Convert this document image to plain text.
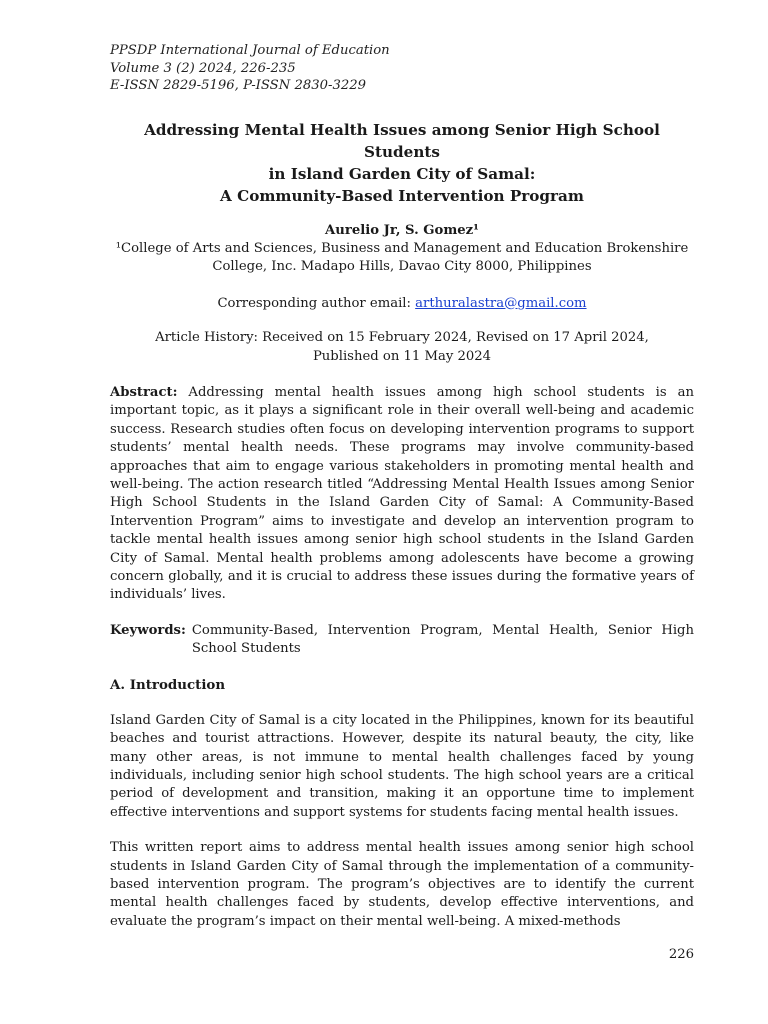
PPSDP International Journal of Education
Volume 3 (2) 2024, 226-235
E-ISSN 2829-5196, P-ISSN 2830-3229
Addressing Mental Health Issues among Senior High School Students
in Island Garden City of Samal:
A Community-Based Intervention Program
Aurelio Jr, S. Gomez¹
¹College of Arts and Sciences, Business and Management and Education Brokenshire College, Inc. Madapo Hills, Davao City 8000, Philippines
Corresponding author email: arthuralastra@gmail.com
Article History: Received on 15 February 2024, Revised on 17 April 2024,
Published on 11 May 2024
Abstract: Addressing mental health issues among high school students is an important topic, as it plays a significant role in their overall well-being and academic success. Research studies often focus on developing intervention programs to support students’ mental health needs. These programs may involve community-based approaches that aim to engage various stakeholders in promoting mental health and well-being. The action research titled “Addressing Mental Health Issues among Senior High School Students in the Island Garden City of Samal: A Community-Based Intervention Program” aims to investigate and develop an intervention program to tackle mental health issues among senior high school students in the Island Garden City of Samal. Mental health problems among adolescents have become a growing concern globally, and it is crucial to address these issues during the formative years of individuals’ lives.
Keywords: Community-Based, Intervention Program, Mental Health, Senior High School Students
A. Introduction
Island Garden City of Samal is a city located in the Philippines, known for its beautiful beaches and tourist attractions. However, despite its natural beauty, the city, like many other areas, is not immune to mental health challenges faced by young individuals, including senior high school students. The high school years are a critical period of development and transition, making it an opportune time to implement effective interventions and support systems for students facing mental health issues.
This written report aims to address mental health issues among senior high school students in Island Garden City of Samal through the implementation of a community-based intervention program. The program’s objectives are to identify the current mental health challenges faced by students, develop effective interventions, and evaluate the program’s impact on their mental well-being. A mixed-methods
226
